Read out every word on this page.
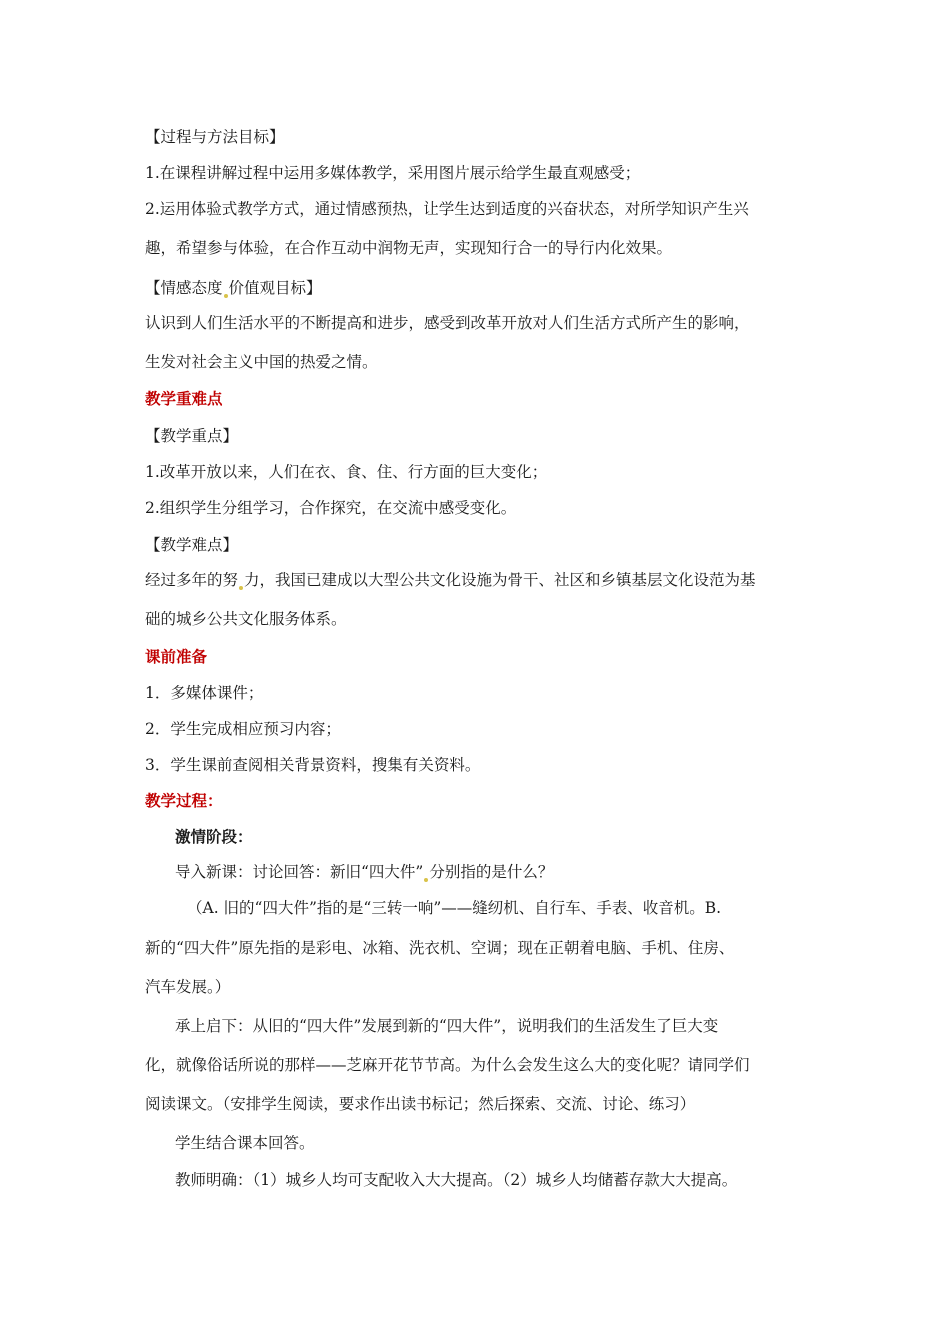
【过程与方法目标】
1.在课程讲解过程中运用多媒体教学，采用图片展示给学生最直观感受；
2.运用体验式教学方式，通过情感预热，让学生达到适度的兴奋状态，对所学知识产生兴
趣，希望参与体验，在合作互动中润物无声，实现知行合一的导行内化效果。
【情感态度 价值观目标】
认识到人们生活水平的不断提高和进步，感受到改革开放对人们生活方式所产生的影响，
生发对社会主义中国的热爱之情。
教学重难点
【教学重点】
1.改革开放以来，人们在衣、食、住、行方面的巨大变化；
2.组织学生分组学习，合作探究，在交流中感受变化。
【教学难点】
经过多年的努 力，我国已建成以大型公共文化设施为骨干、社区和乡镇基层文化设范为基
础的城乡公共文化服务体系。
课前准备
1．多媒体课件；
2．学生完成相应预习内容；
3．学生课前查阅相关背景资料，搜集有关资料。
教学过程：
激情阶段：
导入新课：讨论回答：新旧“四大件” 分别指的是什么？
（A. 旧的“四大件”指的是“三转一响”——缝纫机、自行车、手表、收音机。B.
新的“四大件”原先指的是彩电、冰箱、洗衣机、空调；现在正朝着电脑、手机、住房、
汽车发展。）
承上启下：从旧的“四大件”发展到新的“四大件”，说明我们的生活发生了巨大变
化，就像俗话所说的那样——芝麻开花节节高。为什么会发生这么大的变化呢？请同学们
阅读课文。（安排学生阅读，要求作出读书标记；然后探索、交流、讨论、练习）
学生结合课本回答。
教师明确：（1）城乡人均可支配收入大大提高。（2）城乡人均储蓄存款大大提高。
